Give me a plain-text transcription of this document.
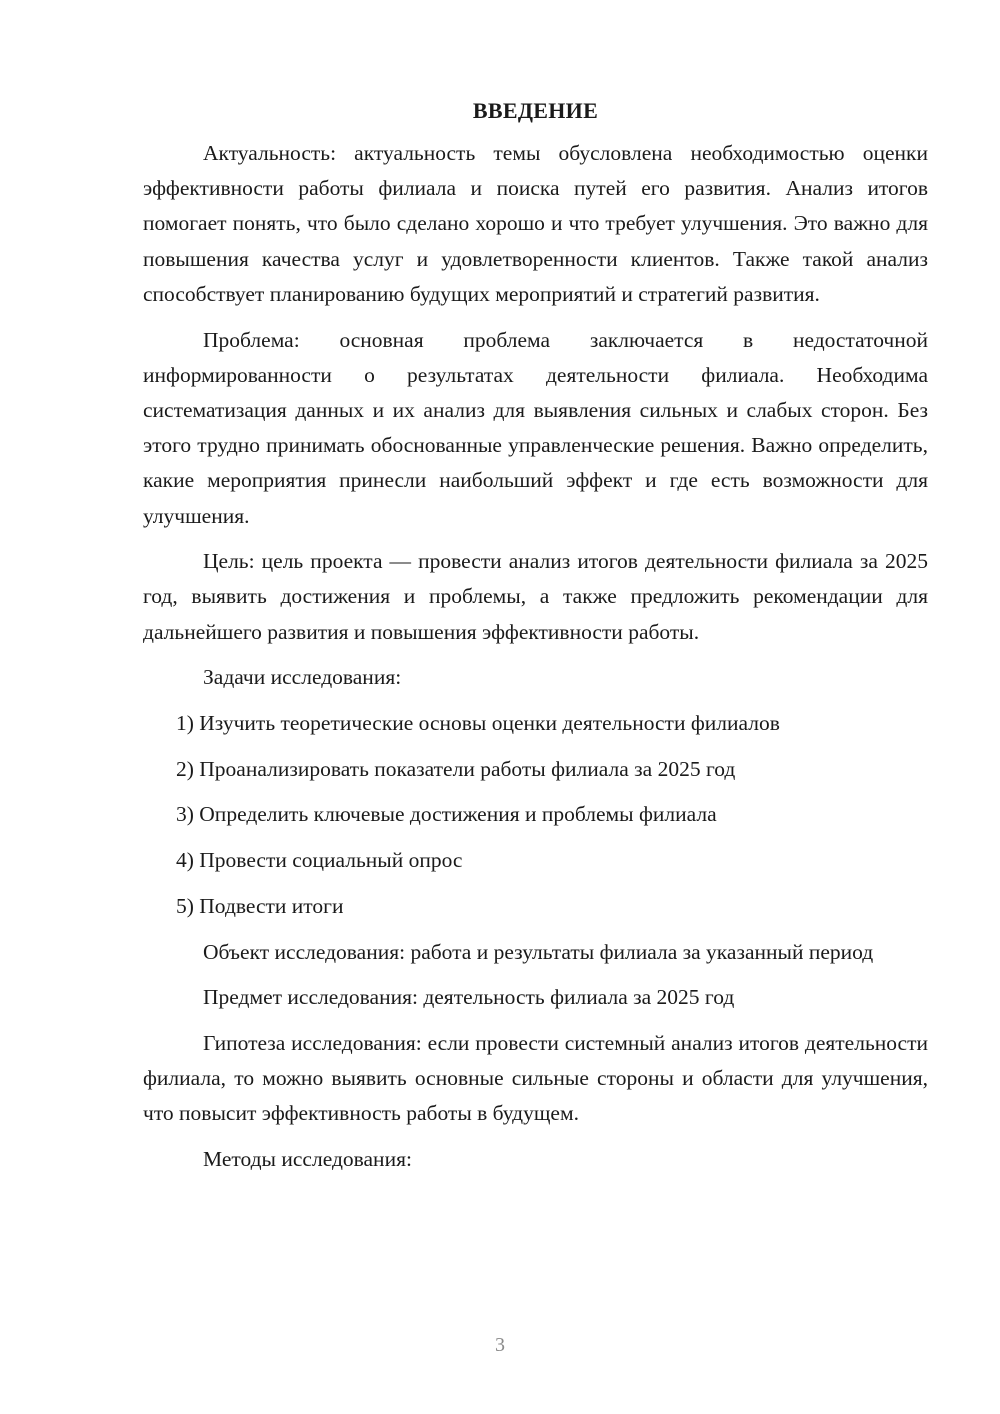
ВВЕДЕНИЕ

Актуальность: актуальность темы обусловлена необходимостью оценки эффективности работы филиала и поиска путей его развития. Анализ итогов помогает понять, что было сделано хорошо и что требует улучшения. Это важно для повышения качества услуг и удовлетворенности клиентов. Также такой анализ способствует планированию будущих мероприятий и стратегий развития.

Проблема: основная проблема заключается в недостаточной информированности о результатах деятельности филиала. Необходима систематизация данных и их анализ для выявления сильных и слабых сторон. Без этого трудно принимать обоснованные управленческие решения. Важно определить, какие мероприятия принесли наибольший эффект и где есть возможности для улучшения.

Цель: цель проекта — провести анализ итогов деятельности филиала за 2025 год, выявить достижения и проблемы, а также предложить рекомендации для дальнейшего развития и повышения эффективности работы.

Задачи исследования:

1) Изучить теоретические основы оценки деятельности филиалов
2) Проанализировать показатели работы филиала за 2025 год
3) Определить ключевые достижения и проблемы филиала
4) Провести социальный опрос
5) Подвести итоги

Объект исследования: работа и результаты филиала за указанный период

Предмет исследования: деятельность филиала за 2025 год

Гипотеза исследования: если провести системный анализ итогов деятельности филиала, то можно выявить основные сильные стороны и области для улучшения, что повысит эффективность работы в будущем.

Методы исследования:

3
